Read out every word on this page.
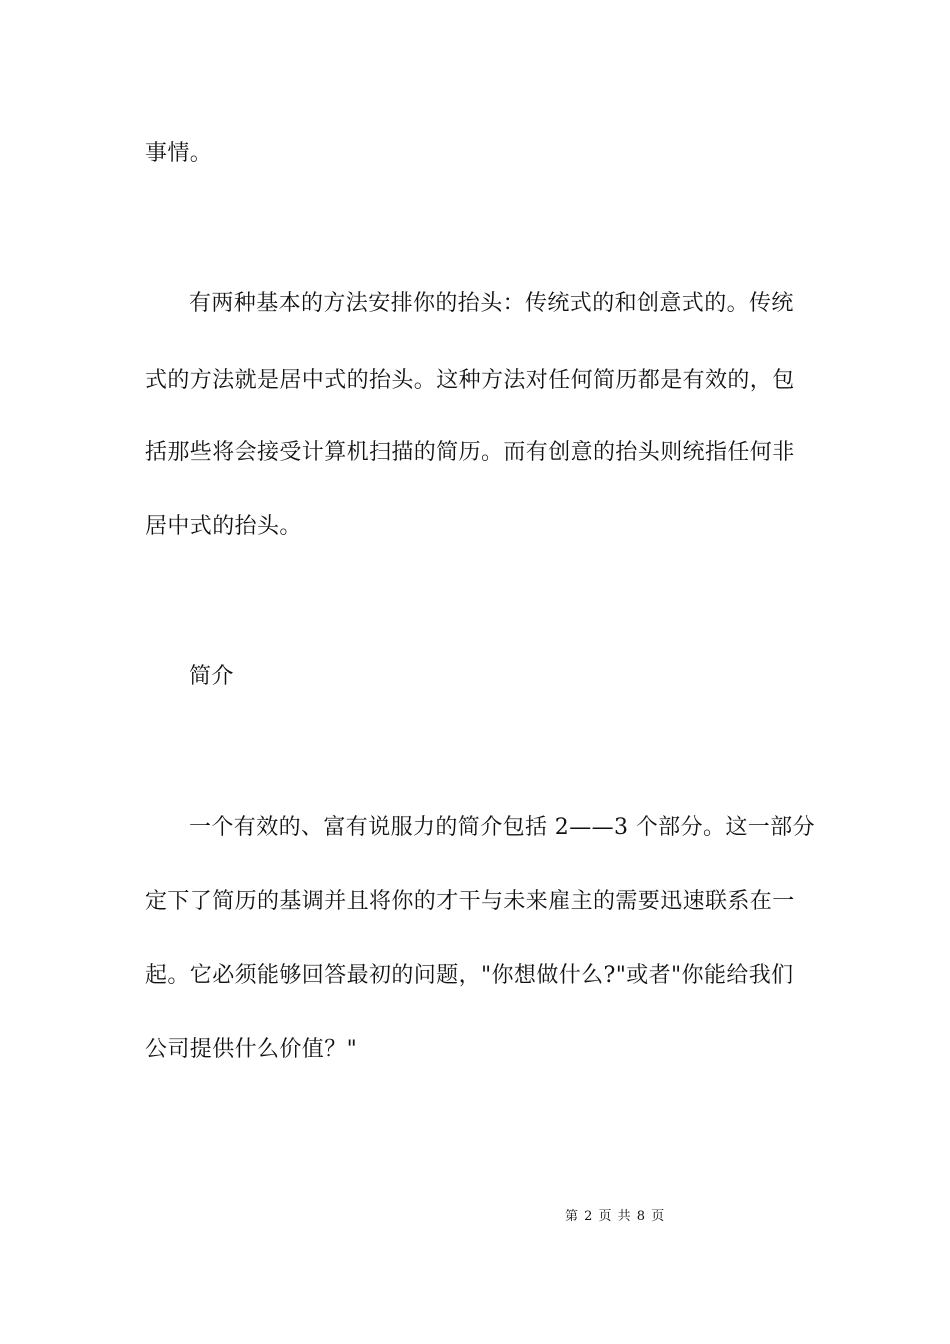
事情。
有两种基本的方法安排你的抬头：传统式的和创意式的。传统
式的方法就是居中式的抬头。这种方法对任何简历都是有效的，包
括那些将会接受计算机扫描的简历。而有创意的抬头则统指任何非
居中式的抬头。
简介
一个有效的、富有说服力的简介包括 2——3 个部分。这一部分
定下了简历的基调并且将你的才干与未来雇主的需要迅速联系在一
起。它必须能够回答最初的问题，"你想做什么?"或者"你能给我们
公司提供什么价值？"
第 2 页 共 8 页
